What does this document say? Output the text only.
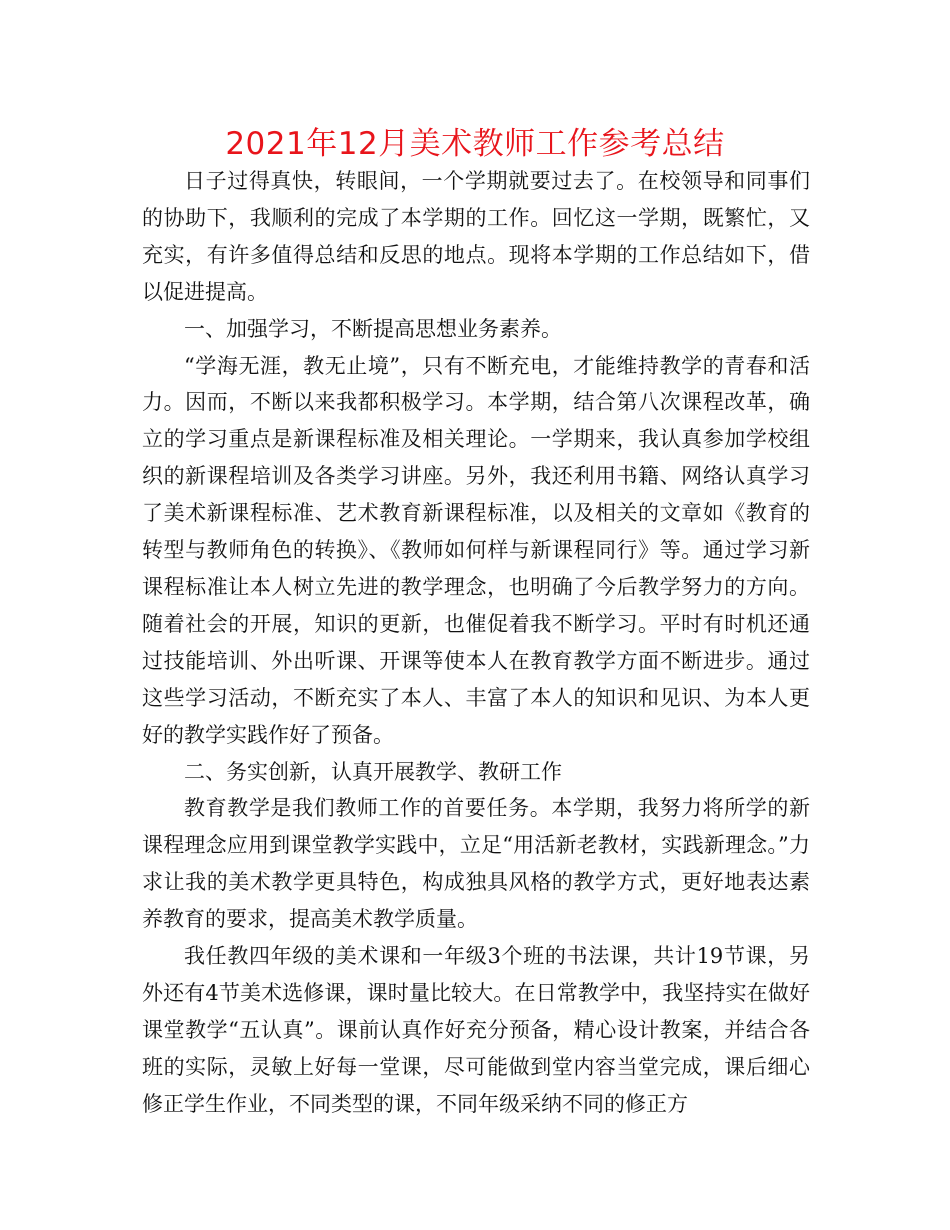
2021年12月美术教师工作参考总结

日子过得真快，转眼间，一个学期就要过去了。在校领导和同事们的协助下，我顺利的完成了本学期的工作。回忆这一学期，既繁忙，又充实，有许多值得总结和反思的地点。现将本学期的工作总结如下，借以促进提高。

一、加强学习，不断提高思想业务素养。

“学海无涯，教无止境”，只有不断充电，才能维持教学的青春和活力。因而，不断以来我都积极学习。本学期，结合第八次课程改革，确立的学习重点是新课程标准及相关理论。一学期来，我认真参加学校组织的新课程培训及各类学习讲座。另外，我还利用书籍、网络认真学习了美术新课程标准、艺术教育新课程标准，以及相关的文章如《教育的转型与教师角色的转换》、《教师如何样与新课程同行》等。通过学习新课程标准让本人树立先进的教学理念，也明确了今后教学努力的方向。随着社会的开展，知识的更新，也催促着我不断学习。平时有时机还通过技能培训、外出听课、开课等使本人在教育教学方面不断进步。通过这些学习活动，不断充实了本人、丰富了本人的知识和见识、为本人更好的教学实践作好了预备。

二、务实创新，认真开展教学、教研工作

教育教学是我们教师工作的首要任务。本学期，我努力将所学的新课程理念应用到课堂教学实践中，立足“用活新老教材，实践新理念。”力求让我的美术教学更具特色，构成独具风格的教学方式，更好地表达素养教育的要求，提高美术教学质量。

我任教四年级的美术课和一年级3个班的书法课，共计19节课，另外还有4节美术选修课，课时量比较大。在日常教学中，我坚持实在做好课堂教学“五认真”。课前认真作好充分预备，精心设计教案，并结合各班的实际，灵敏上好每一堂课，尽可能做到堂内容当堂完成，课后细心修正学生作业，不同类型的课，不同年级采纳不同的修正方
